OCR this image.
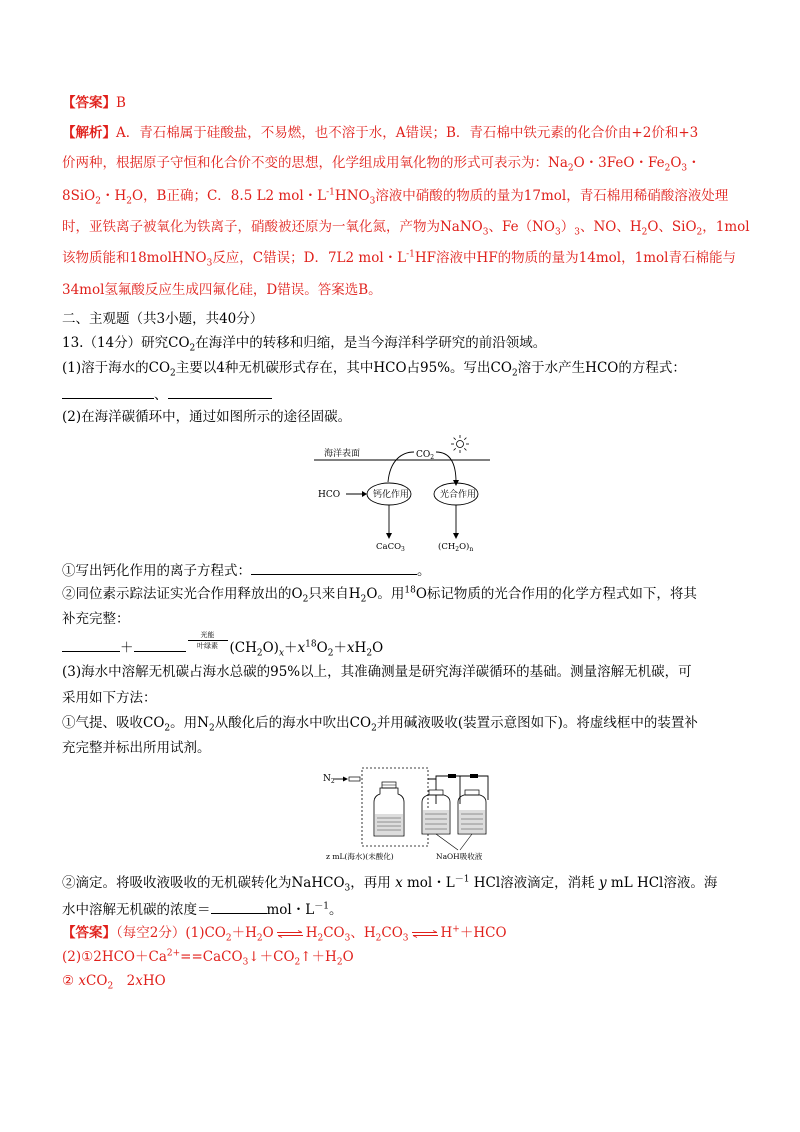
【答案】B
【解析】A．青石棉属于硅酸盐，不易燃，也不溶于水，A错误；B．青石棉中铁元素的化合价由+2价和+3
价两种，根据原子守恒和化合价不变的思想，化学组成用氧化物的形式可表示为：$Na_2O$・3FeO・$Fe_2O_3$・
8SiO$_2$・$H_2O$，B正确；C．8.5 L2 mol・$L^{-1}HNO_3$溶液中硝酸的物质的量为17mol，青石棉用稀硝酸溶液处理
时，亚铁离子被氧化为铁离子，硝酸被还原为一氧化氮，产物为NaNO$_3$、$Fe(NO_3)_3$、NO、$H_2O$、SiO$_2$，1mol
该物质能和18molHNO$_3$反应，C错误；D．7L2 mol・$L^{-1}HF$溶液中HF的物质的量为14mol，1mol青石棉能与
34mol氢氟酸反应生成四氟化硅，D错误。答案选B。
二、主观题（共3小题，共40分）
13.（14分）研究$CO_2$在海洋中的转移和归缩，是当今海洋科学研究的前沿领域。
(1)溶于海水的$CO_2$主要以4种无机碳形式存在，其中HCO占95%。写出$CO_2$溶于水产生HCO的方程式：
、
(2)在海洋碳循环中，通过如图所示的途径固碳。
海洋表面	$CO_2$
HCO	钙化作用	光合作用
CaCO$_3$	$(CH_2O)_n$
①写出钙化作用的离子方程式：	。
②同位素示踪法证实光合作用释放出的$O_2$只来自$H_2O$。用$^{18}$O标记物质的光合作用的化学方程式如下，将其
补充完整：
＋
光能
叶绿素 $(CH_2O)_x+x^{18}O_2+xH_2O$
(3)海水中溶解无机碳占海水总碳的95%以上，其准确测量是研究海洋碳循环的基础。测量溶解无机碳，可
采用如下方法：
①气提、吸收$CO_2$。用$N_2$从酸化后的海水中吹出$CO_2$并用碱液吸收(装置示意图如下)。将虚线框中的装置补
充完整并标出所用试剂。
$N_2$
z mL(海水)(未酸化)	NaOH吸收液
②滴定。将吸收液吸收的无机碳转化为NaHCO$_3$，再用 x mol・$L^{-1}$ HCl溶液滴定，消耗 y mL HCl溶液。海
水中溶解无机碳的浓度＝	mol・$L^{-1}$。
【答案】（每空2分）$(1)CO_2+H_2O$ ⇌ $H_2CO_3$、$H_2CO_3$ ⇌ H+＋HCO
$(2)①2HCO+Ca^{2+}==CaCO_3↓+CO_2↑+H_2O$
② xCO$_2$　2xHO
